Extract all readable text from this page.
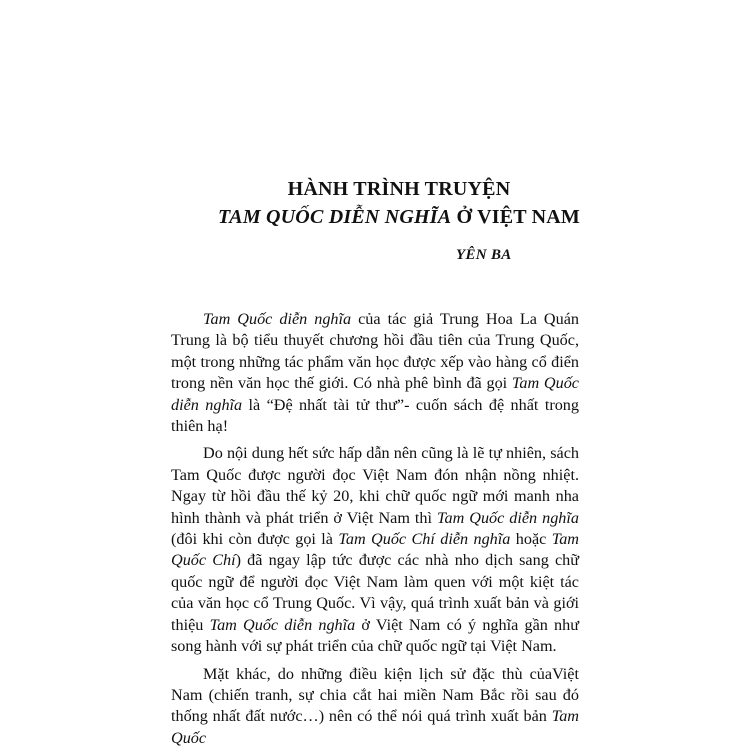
HÀNH TRÌNH TRUYỆN
TAM QUỐC DIỄN NGHĨA Ở VIỆT NAM
YÊN BA

Tam Quốc diễn nghĩa của tác giả Trung Hoa La Quán Trung là bộ tiểu thuyết chương hồi đầu tiên của Trung Quốc, một trong những tác phẩm văn học được xếp vào hàng cổ điển trong nền văn học thế giới. Có nhà phê bình đã gọi Tam Quốc diễn nghĩa là “Đệ nhất tài tử thư”- cuốn sách đệ nhất trong thiên hạ!

Do nội dung hết sức hấp dẫn nên cũng là lẽ tự nhiên, sách Tam Quốc được người đọc Việt Nam đón nhận nồng nhiệt. Ngay từ hồi đầu thế kỷ 20, khi chữ quốc ngữ mới manh nha hình thành và phát triển ở Việt Nam thì Tam Quốc diễn nghĩa (đôi khi còn được gọi là Tam Quốc Chí diễn nghĩa hoặc Tam Quốc Chí) đã ngay lập tức được các nhà nho dịch sang chữ quốc ngữ để người đọc Việt Nam làm quen với một kiệt tác của văn học cổ Trung Quốc. Vì vậy, quá trình xuất bản và giới thiệu Tam Quốc diễn nghĩa ở Việt Nam có ý nghĩa gần như song hành với sự phát triển của chữ quốc ngữ tại Việt Nam.

Mặt khác, do những điều kiện lịch sử đặc thù củaViệt Nam (chiến tranh, sự chia cắt hai miền Nam Bắc rồi sau đó thống nhất đất nước…) nên có thể nói quá trình xuất bản Tam Quốc
